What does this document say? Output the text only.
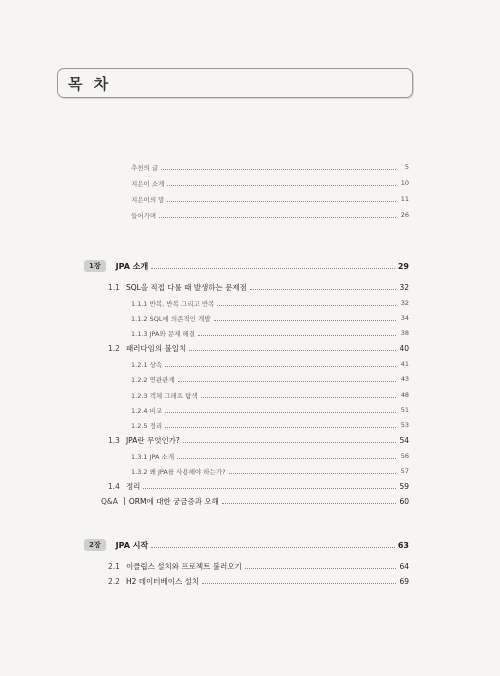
목 차
추천의 글	5
지은이 소개	10
지은이의 말	11
들어가며	26
1장	JPA 소개	29
1.1 SQL을 직접 다룰 때 발생하는 문제점	32
1.1.1 반복, 반복 그리고 반복	32
1.1.2 SQL에 의존적인 개발	34
1.1.3 JPA와 문제 해결	38
1.2 패러다임의 불일치	40
1.2.1 상속	41
1.2.2 연관관계	43
1.2.3 객체 그래프 탐색	48
1.2.4 비교	51
1.2.5 정리	53
1.3 JPA란 무엇인가?	54
1.3.1 JPA 소개	56
1.3.2 왜 JPA를 사용해야 하는가?	57
1.4 정리	59
Q&A ORM에 대한 궁금증과 오해	60
2장	JPA 시작	63
2.1 이클립스 설치와 프로젝트 불러오기	64
2.2 H2 데이터베이스 설치	69
